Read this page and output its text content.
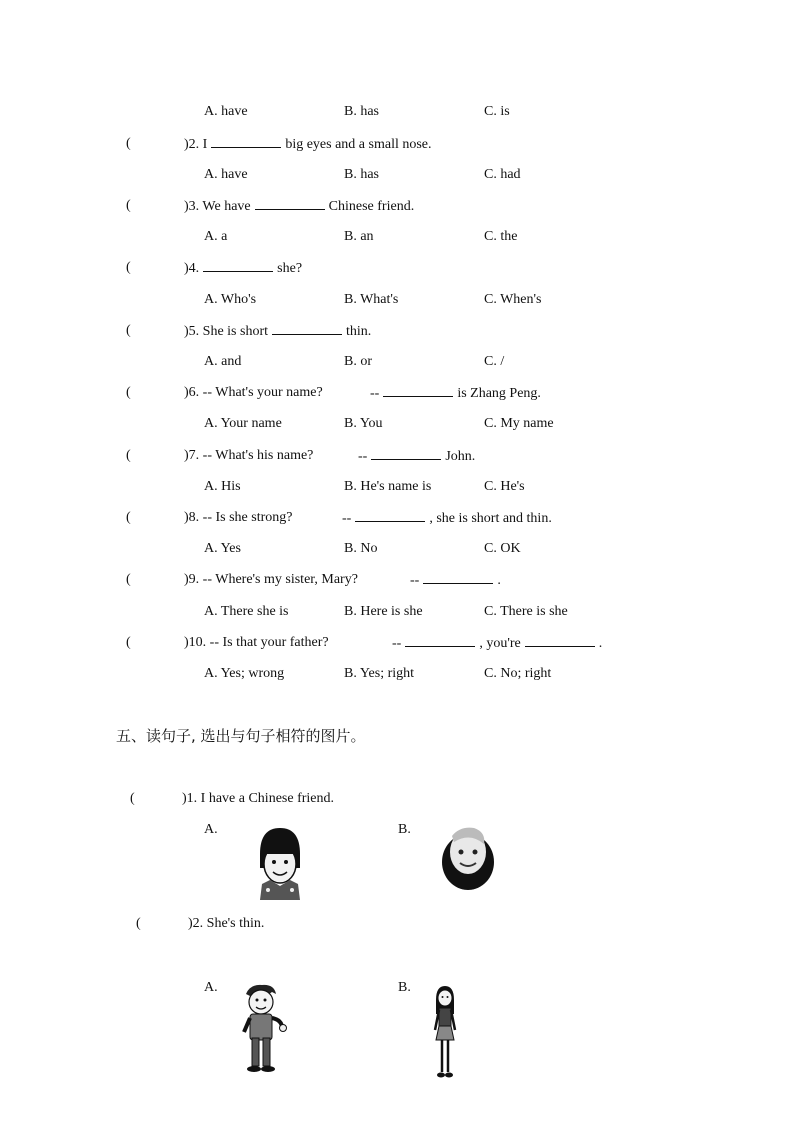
A. have	B. has	C. is
(	)2. I	big eyes and a small nose.
A. have	B. has	C. had
(	)3. We have	Chinese friend.
A. a	B. an	C. the
(	)4.	she?
A. Who's	B. What's	C. When's
(	)5. She is short	thin.
A. and	B. or	C. /
(	)6. -- What's your name?	--	is Zhang Peng.
A. Your name	B. You	C. My name
(	)7. -- What's his name?	--	John.
A. His	B. He's name is	C. He's
(	)8. -- Is she strong?	--	, she is short and thin.
A. Yes	B. No	C. OK
(	)9. -- Where's my sister, Mary?	--	.
A. There she is	B. Here is she	C. There is she
(	)10. -- Is that your father?	--	, you're	.
A. Yes; wrong	B. Yes; right	C. No; right
五、读句子, 选出与句子相符的图片。
(	)1. I have a Chinese friend.
A.	B.
(	)2. She's thin.
A.	B.
